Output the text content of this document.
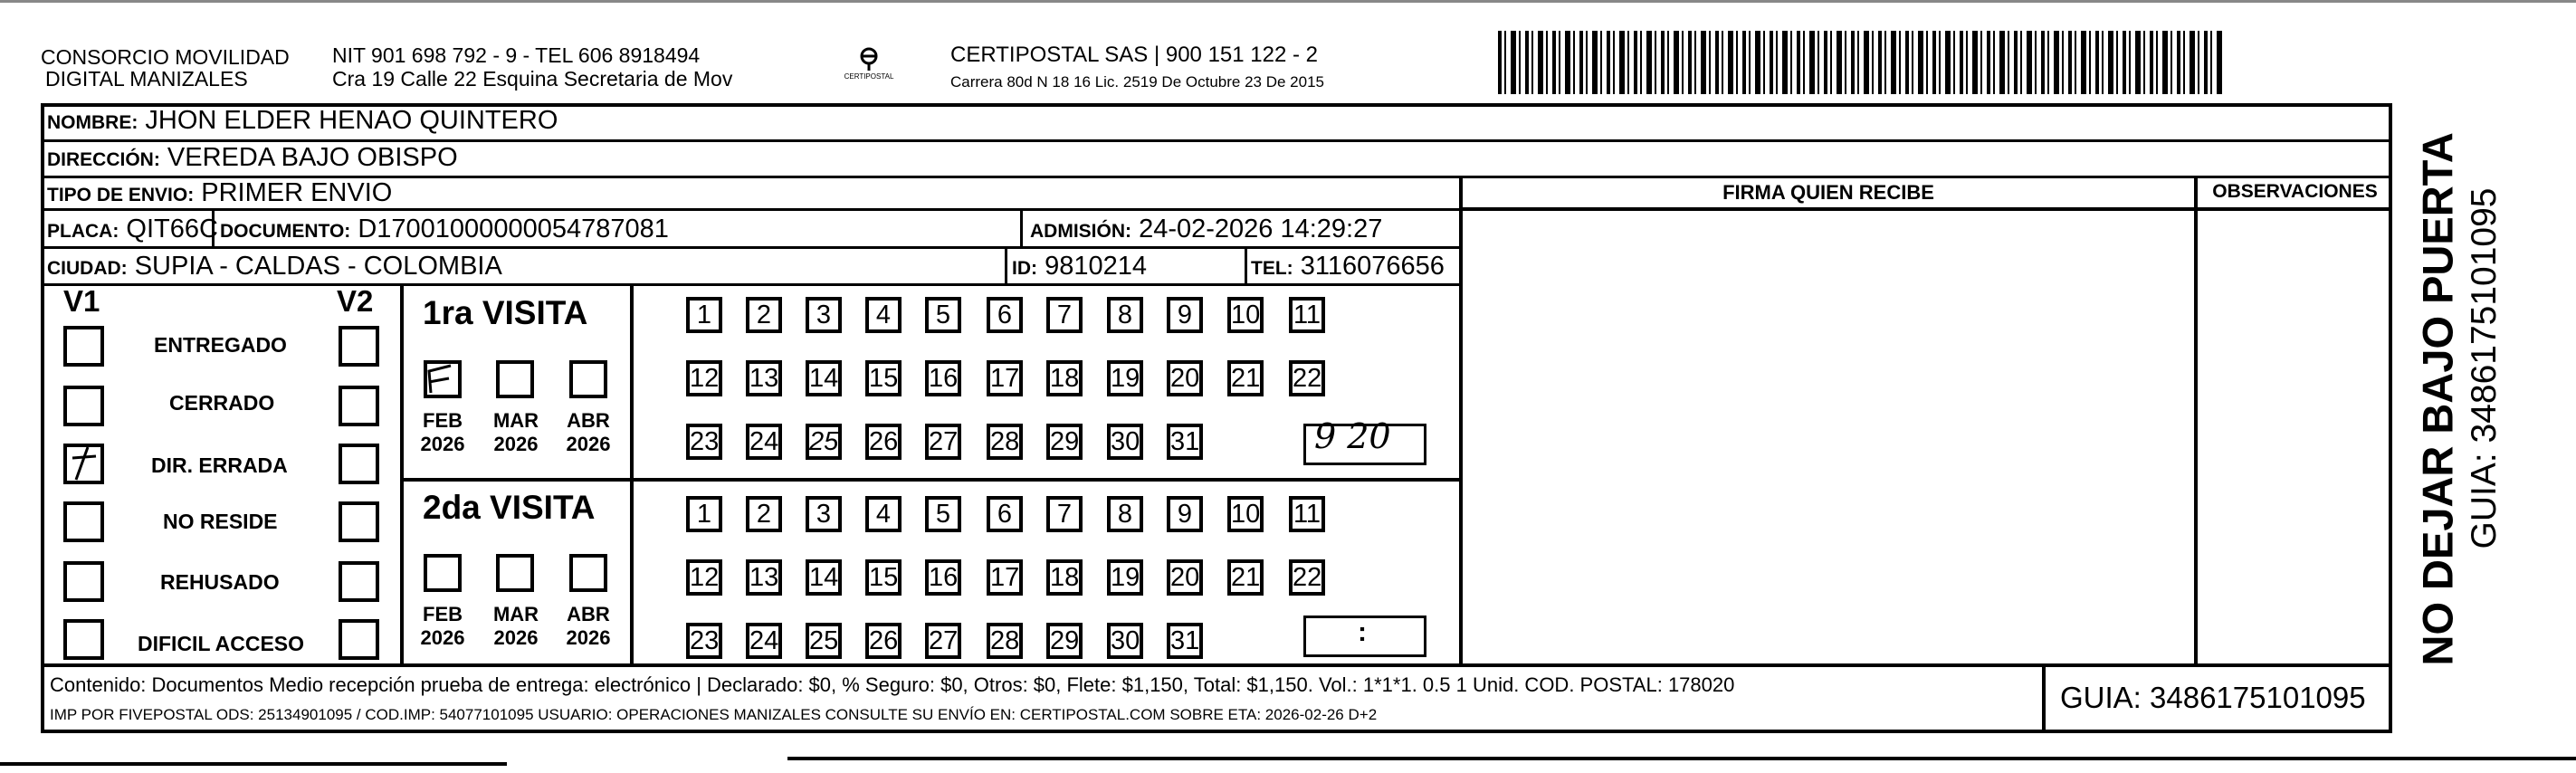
CONSORCIO MOVILIDAD
DIGITAL MANIZALES
NIT 901 698 792 - 9 - TEL 606 8918494
Cra 19 Calle 22 Esquina Secretaria de Mov	CERTIPOSTAL
CERTIPOSTAL SAS | 900 151 122 - 2
Carrera 80d N 18 16 Lic. 2519 De Octubre 23 De 2015
NOMBRE: JHON ELDER HENAO QUINTERO
DIRECCIÓN: VEREDA BAJO OBISPO
TIPO DE ENVIO: PRIMER ENVIO	FIRMA QUIEN RECIBE	OBSERVACIONES
PLACA: QIT66C DOCUMENTO: D17001000000054787081	ADMISIÓN: 24-02-2026 14:29:27
CIUDAD: SUPIA - CALDAS - COLOMBIA	ID: 9810214	TEL: 3116076656
V1	V2
ENTREGADO
CERRADO
DIR. ERRADA
NO RESIDE
REHUSADO
DIFICIL ACCESO
1ra VISITA
FEB
2026
MAR
2026
ABR
2026
1	2	3	4	5	6	7	8	9	10 11
12 13 14 15 16 17 18 19 20 21 22
23 24 25 26 27 28 29 30 31	9 20
2da VISITA
FEB
2026
MAR
2026
ABR
2026
1	2	3	4	5	6	7	8	9	10 11
12 13 14 15 16 17 18 19 20 21 22
23 24 25 26 27 28 29 30 31	:
Contenido: Documentos Medio recepción prueba de entrega: electrónico | Declarado: $0, % Seguro: $0, Otros: $0, Flete: $1,150, Total: $1,150. Vol.: 1*1*1. 0.5 1 Unid. COD. POSTAL: 178020
IMP POR FIVEPOSTAL ODS: 25134901095 / COD.IMP: 54077101095 USUARIO: OPERACIONES MANIZALES CONSULTE SU ENVÍO EN: CERTIPOSTAL.COM SOBRE ETA: 2026-02-26 D+2
GUIA: 3486175101095
NO DEJAR BAJO PUERTA GUIA: 3486175101095
